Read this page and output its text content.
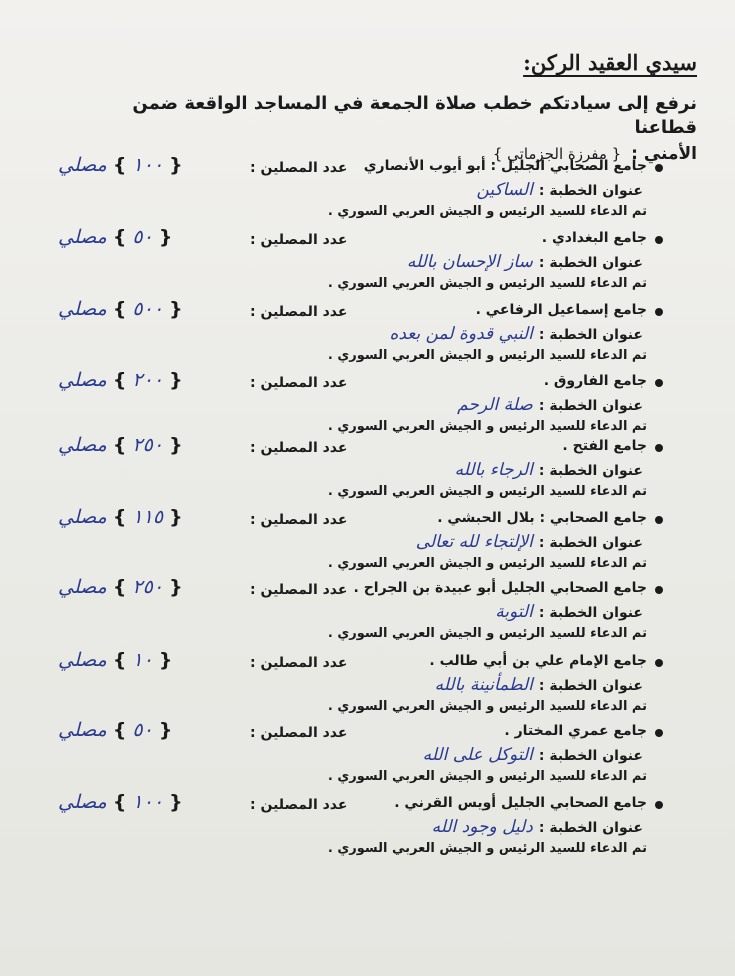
سيدي العقيد الركن:
نرفع إلى سيادتكم خطب صلاة الجمعة في المساجد الواقعة ضمن قطاعنا
الأمني : { مفرزة الجزماتي }
جامع الصحابي الجليل : أبو أيوب الأنصاري
عنوان الخطبة :الساكين
تم الدعاء للسيد الرئيس و الجيش العربي السوري .
عدد المصلين :
{ ١٠٠ } مصلي
جامع البغدادي .
عنوان الخطبة :ساز الإحسان بالله
تم الدعاء للسيد الرئيس و الجيش العربي السوري .
عدد المصلين :
{ ٥٠ } مصلي
جامع إسماعيل الرفاعي .
عنوان الخطبة :النبي قدوة لمن بعده
تم الدعاء للسيد الرئيس و الجيش العربي السوري .
عدد المصلين :
{ ٥٠٠ } مصلي
جامع الفاروق .
عنوان الخطبة :صلة الرحم
تم الدعاء للسيد الرئيس و الجيش العربي السوري .
عدد المصلين :
{ ٢٠٠ } مصلي
جامع الفتح .
عنوان الخطبة :الرجاء بالله
تم الدعاء للسيد الرئيس و الجيش العربي السوري .
عدد المصلين :
{ ٢٥٠ } مصلي
جامع الصحابي : بلال الحبشي .
عنوان الخطبة :الإلتجاء لله تعالى
تم الدعاء للسيد الرئيس و الجيش العربي السوري .
عدد المصلين :
{ ١١٥ } مصلي
جامع الصحابي الجليل أبو عبيدة بن الجراح .
عنوان الخطبة :التوبة
تم الدعاء للسيد الرئيس و الجيش العربي السوري .
عدد المصلين :
{ ٢٥٠ } مصلي
جامع الإمام علي بن أبي طالب .
عنوان الخطبة :الطمأنينة بالله
تم الدعاء للسيد الرئيس و الجيش العربي السوري .
عدد المصلين :
{ ١٠ } مصلي
جامع عمري المختار .
عنوان الخطبة :التوكل على الله
تم الدعاء للسيد الرئيس و الجيش العربي السوري .
عدد المصلين :
{ ٥٠ } مصلي
جامع الصحابي الجليل أويس القرني .
عنوان الخطبة :دليل وجود الله
تم الدعاء للسيد الرئيس و الجيش العربي السوري .
عدد المصلين :
{ ١٠٠ } مصلي
